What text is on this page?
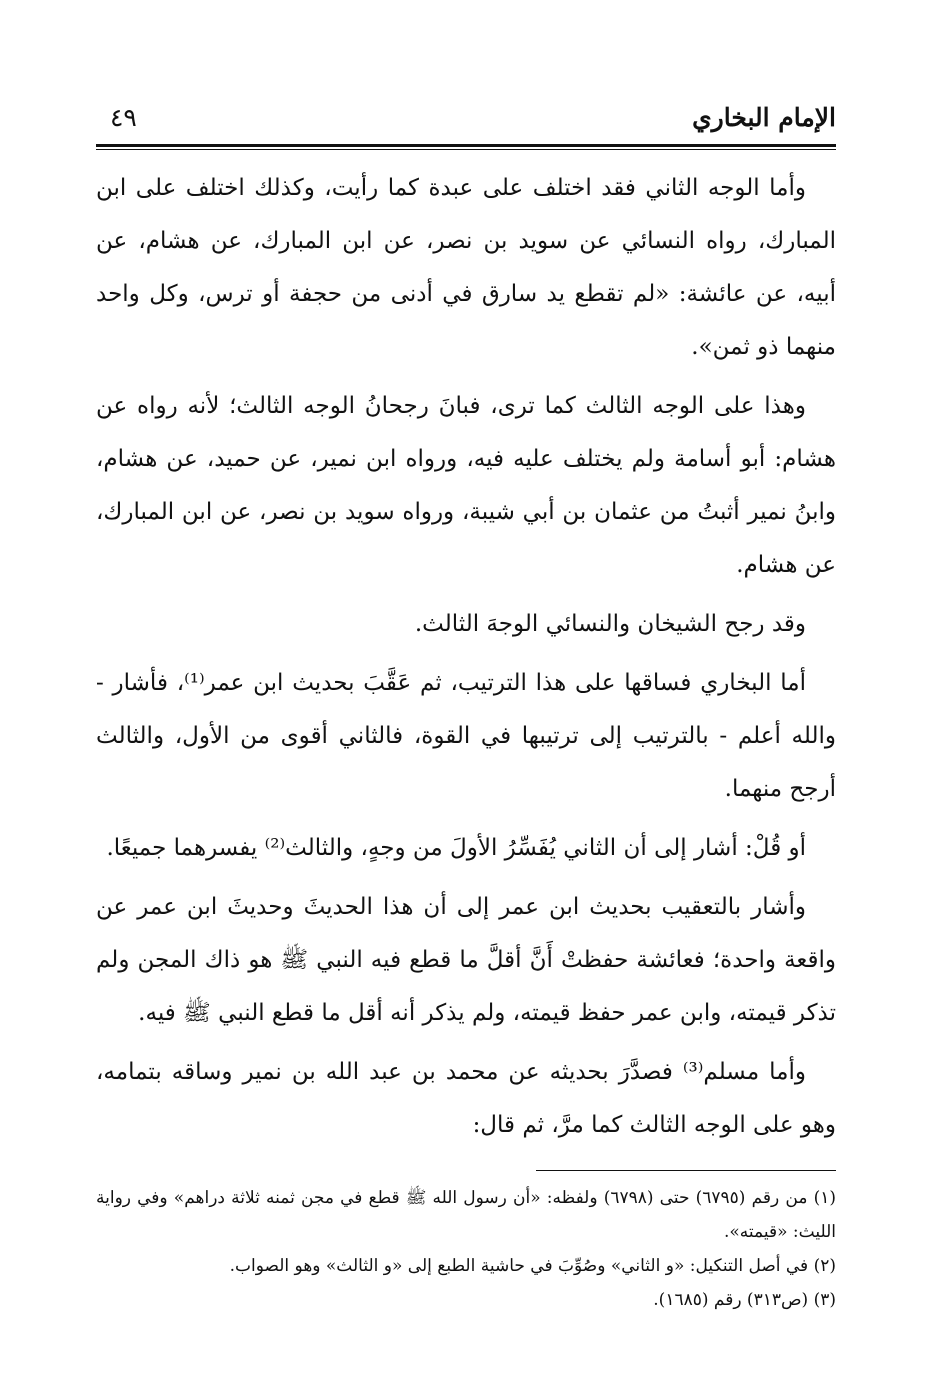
الإمام البخاري
٤٩

وأما الوجه الثاني فقد اختلف على عبدة كما رأيت، وكذلك اختلف على ابن المبارك، رواه النسائي عن سويد بن نصر، عن ابن المبارك، عن هشام، عن أبيه، عن عائشة: «لم تقطع يد سارق في أدنى من حجفة أو ترس، وكل واحد منهما ذو ثمن».

وهذا على الوجه الثالث كما ترى، فبانَ رجحانُ الوجه الثالث؛ لأنه رواه عن هشام: أبو أسامة ولم يختلف عليه فيه، ورواه ابن نمير، عن حميد، عن هشام، وابنُ نمير أثبتُ من عثمان بن أبي شيبة، ورواه سويد بن نصر، عن ابن المبارك، عن هشام.

وقد رجح الشيخان والنسائي الوجهَ الثالث.

أما البخاري فساقها على هذا الترتيب، ثم عَقَّبَ بحديث ابن عمر⁽¹⁾، فأشار - والله أعلم - بالترتيب إلى ترتيبها في القوة، فالثاني أقوى من الأول، والثالث أرجح منهما.

أو قُلْ: أشار إلى أن الثاني يُفَسِّرُ الأولَ من وجهٍ، والثالث⁽²⁾ يفسرهما جميعًا.

وأشار بالتعقيب بحديث ابن عمر إلى أن هذا الحديثَ وحديثَ ابن عمر عن واقعة واحدة؛ فعائشة حفظتْ أَنَّ أقلَّ ما قطع فيه النبي ﷺ هو ذاك المجن ولم تذكر قيمته، وابن عمر حفظ قيمته، ولم يذكر أنه أقل ما قطع النبي ﷺ فيه.

وأما مسلم⁽³⁾ فصدَّرَ بحديثه عن محمد بن عبد الله بن نمير وساقه بتمامه، وهو على الوجه الثالث كما مرَّ، ثم قال:

(١) من رقم (٦٧٩٥) حتى (٦٧٩٨) ولفظه: «أن رسول الله ﷺ قطع في مجن ثمنه ثلاثة دراهم» وفي رواية الليث: «قيمته».

(٢) في أصل التنكيل: «و الثاني» وصُوِّبَ في حاشية الطبع إلى «و الثالث» وهو الصواب.

(٣) (ص٣١٣) رقم (١٦٨٥).
